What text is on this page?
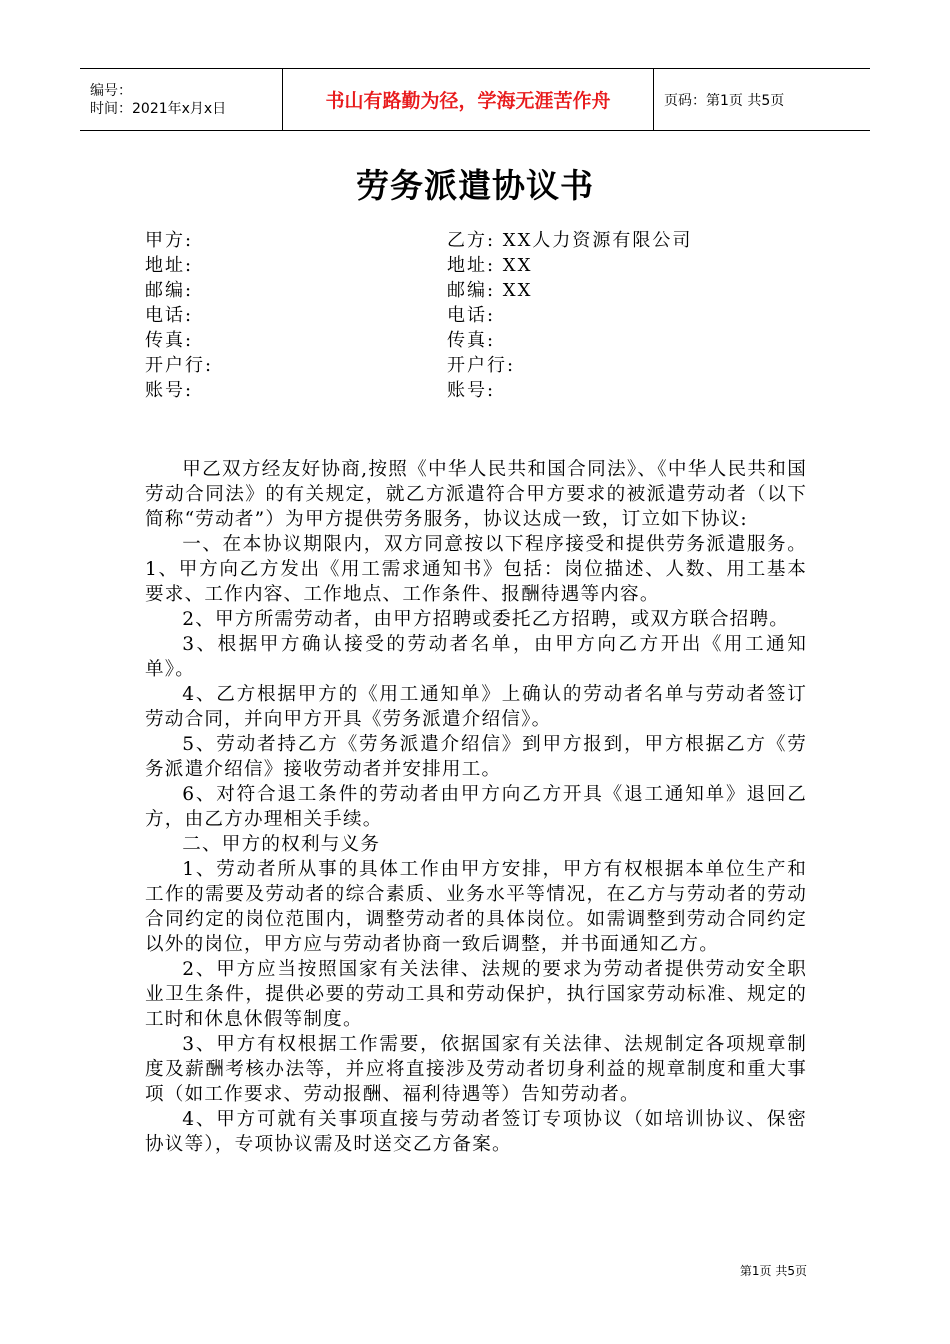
编号：
时间：2021年x月x日	书山有路勤为径，学海无涯苦作舟	页码：第1页 共5页
劳务派遣协议书
甲方:	乙方: XX人力资源有限公司
地址:	地址: XX
邮编:	邮编: XX
电话:	电话:
传真:	传真:
开户行:	开户行:
账号:	账号:

甲乙双方经友好协商,按照《中华人民共和国合同法》、《中华人民共和国劳动合同法》的有关规定，就乙方派遣符合甲方要求的被派遣劳动者（以下简称“劳动者”）为甲方提供劳务服务，协议达成一致，订立如下协议:

一、在本协议期限内，双方同意按以下程序接受和提供劳务派遣服务。1、甲方向乙方发出《用工需求通知书》包括：岗位描述、人数、用工基本要求、工作内容、工作地点、工作条件、报酬待遇等内容。

2、甲方所需劳动者，由甲方招聘或委托乙方招聘，或双方联合招聘。

3、根据甲方确认接受的劳动者名单，由甲方向乙方开出《用工通知单》。

4、乙方根据甲方的《用工通知单》上确认的劳动者名单与劳动者签订劳动合同，并向甲方开具《劳务派遣介绍信》。

5、劳动者持乙方《劳务派遣介绍信》到甲方报到，甲方根据乙方《劳务派遣介绍信》接收劳动者并安排用工。

6、对符合退工条件的劳动者由甲方向乙方开具《退工通知单》退回乙方，由乙方办理相关手续。

二、甲方的权利与义务

1、劳动者所从事的具体工作由甲方安排，甲方有权根据本单位生产和工作的需要及劳动者的综合素质、业务水平等情况，在乙方与劳动者的劳动合同约定的岗位范围内，调整劳动者的具体岗位。如需调整到劳动合同约定以外的岗位，甲方应与劳动者协商一致后调整，并书面通知乙方。

2、甲方应当按照国家有关法律、法规的要求为劳动者提供劳动安全职业卫生条件，提供必要的劳动工具和劳动保护，执行国家劳动标准、规定的工时和休息休假等制度。

3、甲方有权根据工作需要，依据国家有关法律、法规制定各项规章制度及薪酬考核办法等，并应将直接涉及劳动者切身利益的规章制度和重大事项（如工作要求、劳动报酬、福利待遇等）告知劳动者。

4、甲方可就有关事项直接与劳动者签订专项协议（如培训协议、保密协议等），专项协议需及时送交乙方备案。

第1页 共5页
